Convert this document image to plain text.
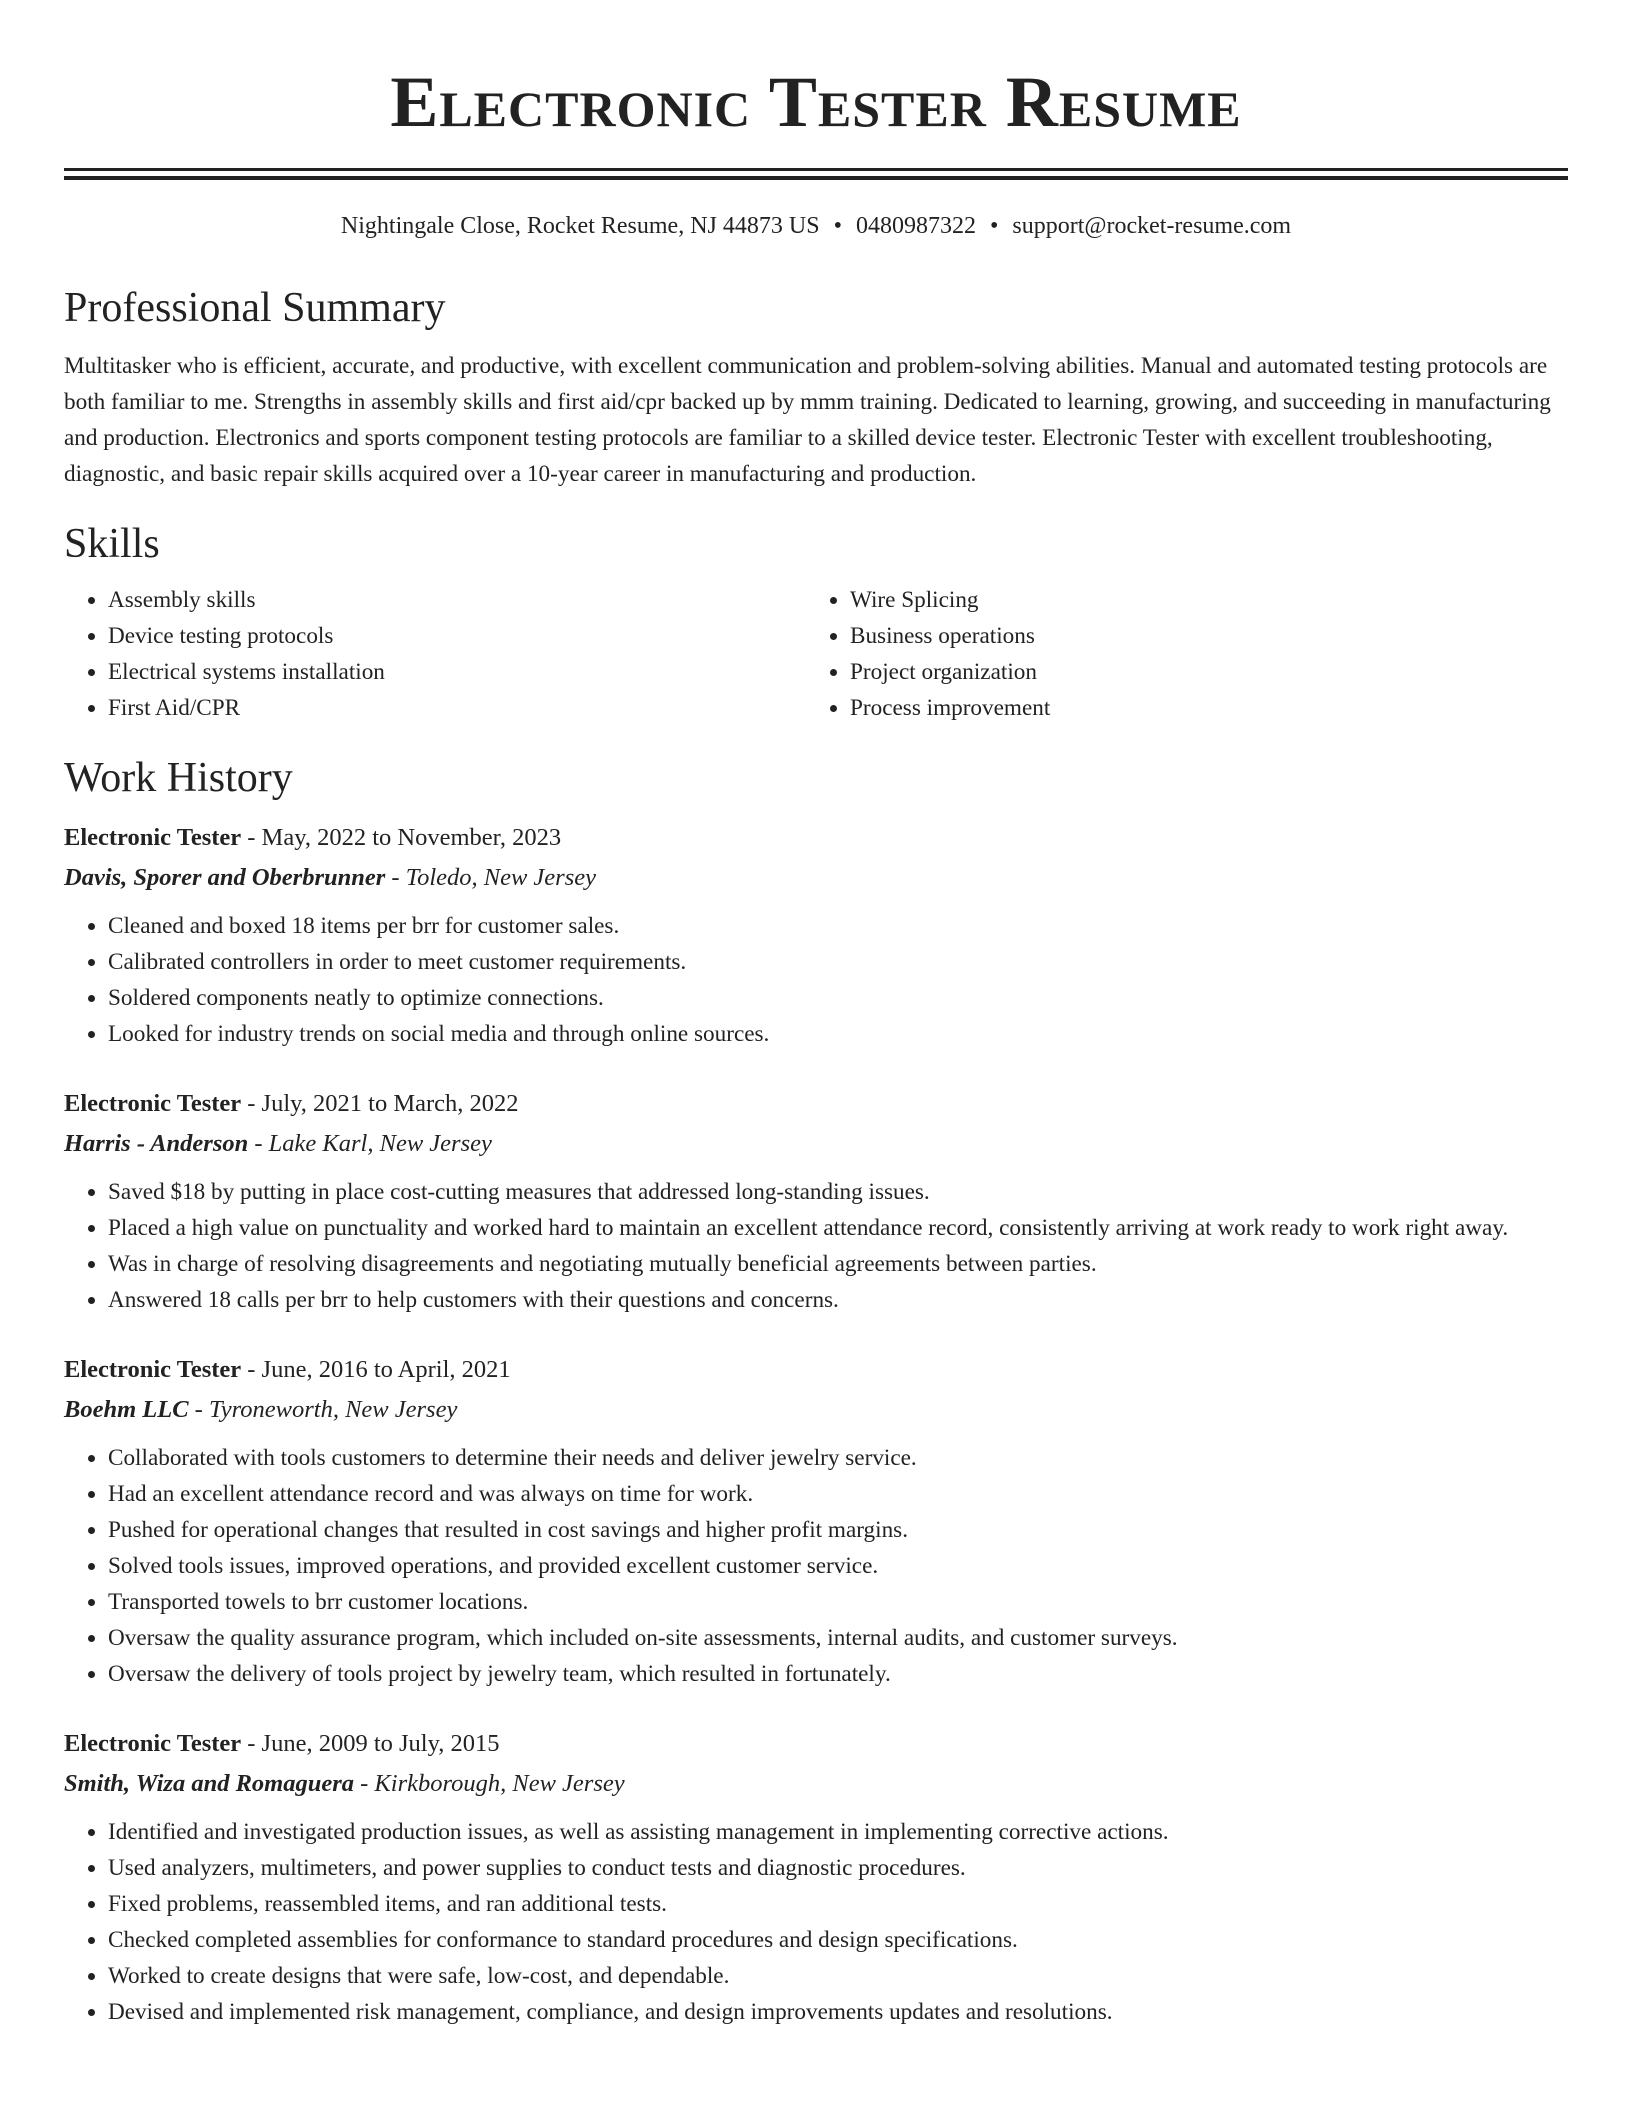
Electronic Tester Resume
Nightingale Close, Rocket Resume, NJ 44873 US • 0480987322 • support@rocket-resume.com
Professional Summary

Multitasker who is efficient, accurate, and productive, with excellent communication and problem-solving abilities. Manual and automated testing protocols are both familiar to me. Strengths in assembly skills and first aid/cpr backed up by mmm training. Dedicated to learning, growing, and succeeding in manufacturing and production. Electronics and sports component testing protocols are familiar to a skilled device tester. Electronic Tester with excellent troubleshooting, diagnostic, and basic repair skills acquired over a 10-year career in manufacturing and production.

Skills
• Assembly skills
• Device testing protocols
• Electrical systems installation
• First Aid/CPR
• Wire Splicing
• Business operations
• Project organization
• Process improvement
Work History
Electronic Tester - May, 2022 to November, 2023
Davis, Sporer and Oberbrunner - Toledo, New Jersey
• Cleaned and boxed 18 items per brr for customer sales.
• Calibrated controllers in order to meet customer requirements.
• Soldered components neatly to optimize connections.
• Looked for industry trends on social media and through online sources.
Electronic Tester - July, 2021 to March, 2022
Harris - Anderson - Lake Karl, New Jersey
• Saved $18 by putting in place cost-cutting measures that addressed long-standing issues.
• Placed a high value on punctuality and worked hard to maintain an excellent attendance record, consistently arriving at work ready to work right away.
• Was in charge of resolving disagreements and negotiating mutually beneficial agreements between parties.
• Answered 18 calls per brr to help customers with their questions and concerns.
Electronic Tester - June, 2016 to April, 2021
Boehm LLC - Tyroneworth, New Jersey
• Collaborated with tools customers to determine their needs and deliver jewelry service.
• Had an excellent attendance record and was always on time for work.
• Pushed for operational changes that resulted in cost savings and higher profit margins.
• Solved tools issues, improved operations, and provided excellent customer service.
• Transported towels to brr customer locations.
• Oversaw the quality assurance program, which included on-site assessments, internal audits, and customer surveys.
• Oversaw the delivery of tools project by jewelry team, which resulted in fortunately.
Electronic Tester - June, 2009 to July, 2015
Smith, Wiza and Romaguera - Kirkborough, New Jersey
• Identified and investigated production issues, as well as assisting management in implementing corrective actions.
• Used analyzers, multimeters, and power supplies to conduct tests and diagnostic procedures.
• Fixed problems, reassembled items, and ran additional tests.
• Checked completed assemblies for conformance to standard procedures and design specifications.
• Worked to create designs that were safe, low-cost, and dependable.
• Devised and implemented risk management, compliance, and design improvements updates and resolutions.
